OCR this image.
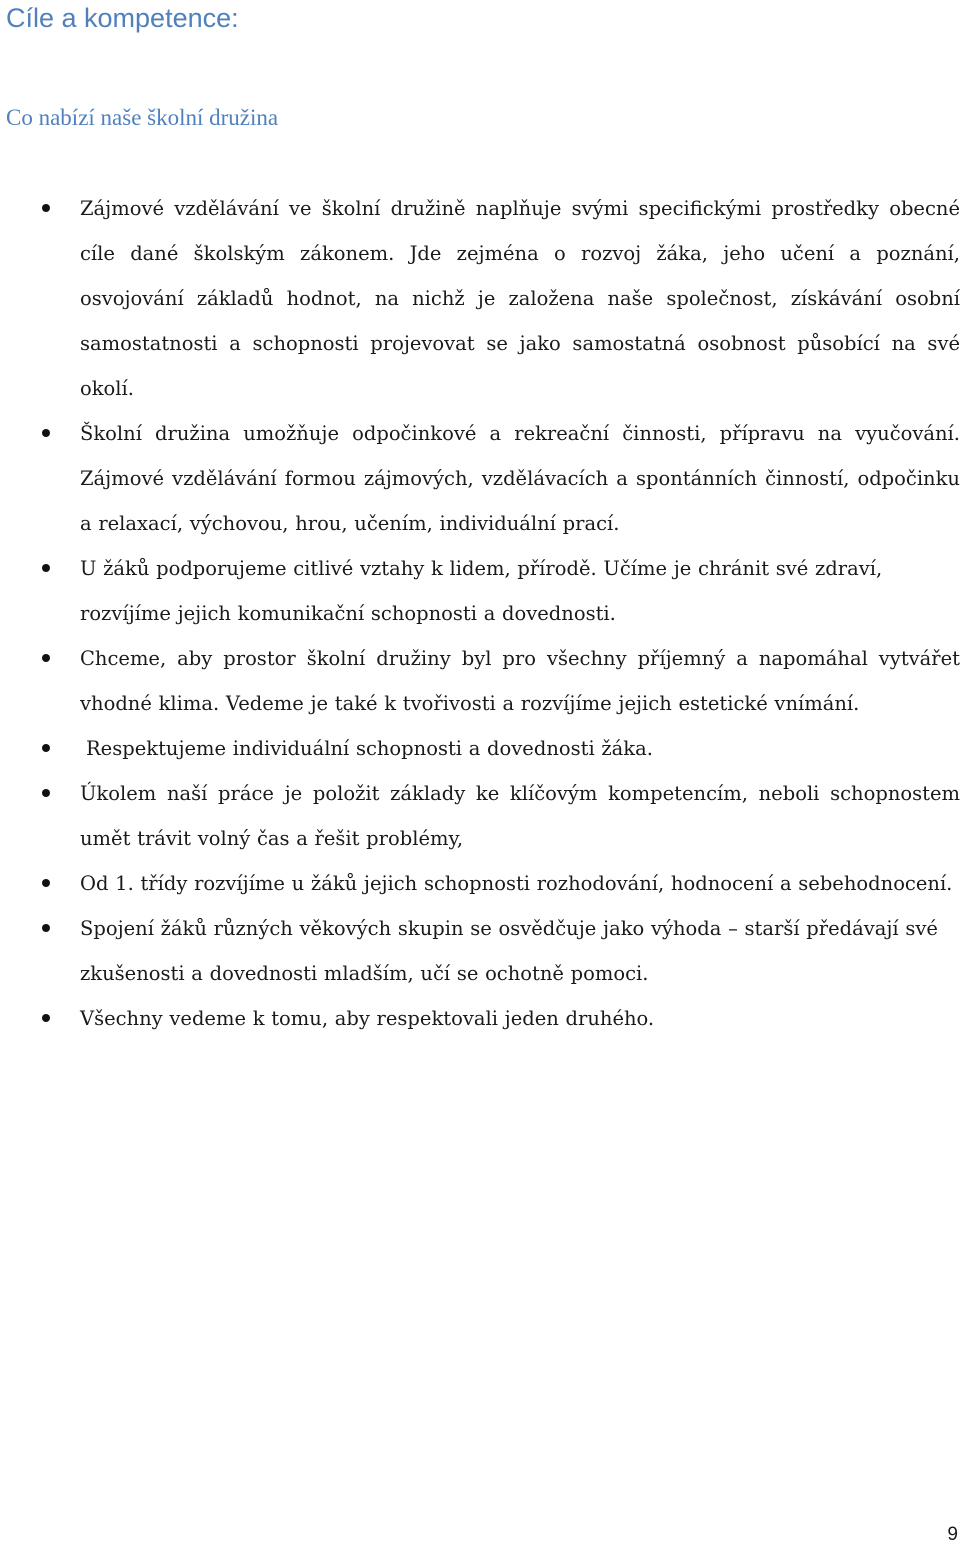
Cíle a kompetence:
Co nabízí naše školní družina
Zájmové vzdělávání ve školní družině naplňuje svými specifickými prostředky obecné cíle dané školským zákonem. Jde zejména o rozvoj žáka, jeho učení a poznání, osvojování základů hodnot, na nichž je založena naše společnost, získávání osobní samostatnosti a schopnosti projevovat se jako samostatná osobnost působící na své okolí.
Školní družina umožňuje odpočinkové a rekreační činnosti, přípravu na vyučování. Zájmové vzdělávání formou zájmových, vzdělávacích a spontánních činností, odpočinku a relaxací, výchovou, hrou, učením, individuální prací.
U žáků podporujeme citlivé vztahy k lidem, přírodě. Učíme je chránit své zdraví, rozvíjíme jejich komunikační schopnosti a dovednosti.
Chceme, aby prostor školní družiny byl pro všechny příjemný a napomáhal vytvářet vhodné klima. Vedeme je také k tvořivosti a rozvíjíme jejich estetické vnímání.
Respektujeme individuální schopnosti a dovednosti žáka.
Úkolem naší práce je položit základy ke klíčovým kompetencím, neboli schopnostem umět trávit volný čas a řešit problémy,
Od 1. třídy rozvíjíme u žáků jejich schopnosti rozhodování, hodnocení a sebehodnocení.
Spojení žáků různých věkových skupin se osvědčuje jako výhoda – starší předávají své zkušenosti a dovednosti mladším, učí se ochotně pomoci.
Všechny vedeme k tomu, aby respektovali jeden druhého.
9
